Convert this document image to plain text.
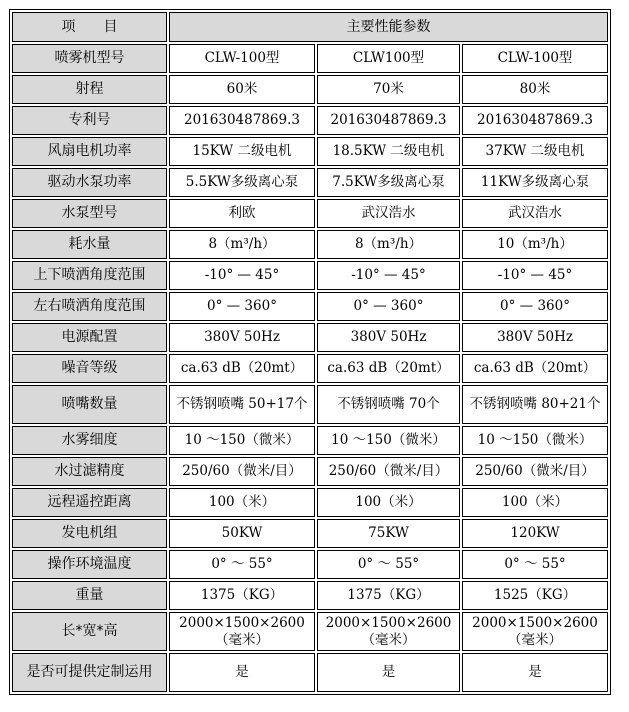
项　　目	主要性能参数		
喷雾机型号	CLW-100型	CLW100型	CLW-100型
射程	60米	70米	80米
专利号	201630487869.3	201630487869.3	201630487869.3
风扇电机功率	15KW 二级电机	18.5KW 二级电机	37KW 二级电机
驱动水泵功率	5.5KW多级离心泵	7.5KW多级离心泵	11KW多级离心泵
水泵型号	利欧	武汉浩水	武汉浩水
耗水量	8（m³/h）	8（m³/h）	10（m³/h）
上下喷洒角度范围	-10° — 45°	-10° — 45°	-10° — 45°
左右喷洒角度范围	0° — 360°	0° — 360°	0° — 360°
电源配置	380V 50Hz	380V 50Hz	380V 50Hz
噪音等级	ca.63 dB（20mt）	ca.63 dB（20mt）	ca.63 dB（20mt）
喷嘴数量	不锈钢喷嘴 50+17个	不锈钢喷嘴 70个	不锈钢喷嘴 80+21个
水雾细度	10 ～150（微米）	10 ～150（微米）	10 ～150（微米）
水过滤精度	250/60（微米/目）	250/60（微米/目）	250/60（微米/目）
远程遥控距离	100（米）	100（米）	100（米）
发电机组	50KW	75KW	120KW
操作环境温度	0° ～ 55°	0° ～ 55°	0° ～ 55°
重量	1375（KG）	1375（KG）	1525（KG）
长*宽*高	2000×1500×2600（毫米）	2000×1500×2600（毫米）	2000×1500×2600（毫米）
是否可提供定制运用	是	是	是
